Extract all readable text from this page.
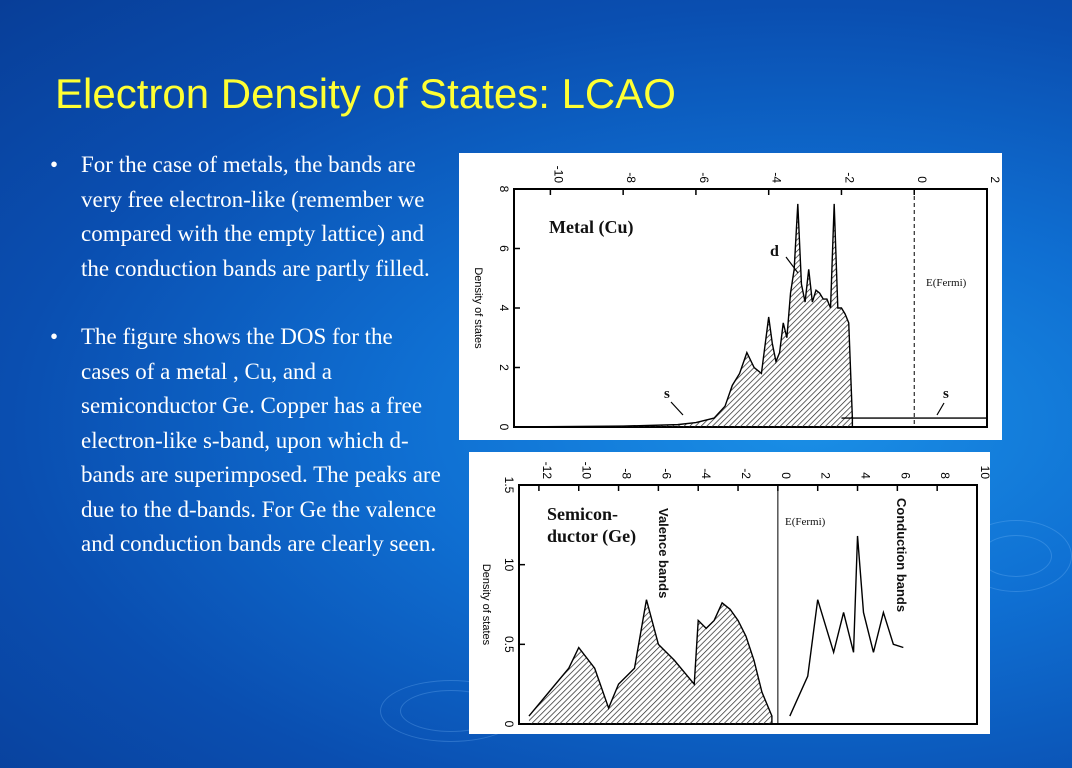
Electron Density of States: LCAO
• For the case of metals, the bands are very free electron-like (remember we compared with the empty lattice) and the conduction bands are partly filled.
• The figure shows the DOS for the cases of a metal , Cu, and a semiconductor Ge. Copper has a free electron-like s-band, upon which d-bands are superimposed. The peaks are due to the d-bands. For Ge the valence and conduction bands are clearly seen.
-10	-8	-6	-4	-2	0	2
0
2
4
6
8
Density of states
Metal (Cu)
d
s	s
E(Fermi)
-12 -10 -8 -6 -4 -2 0 2 4 6 8 10
0
0.5
10
1.5
Density of states
Semicon-
ductor (Ge) Valence bands	Conduction bands
E(Fermi)
